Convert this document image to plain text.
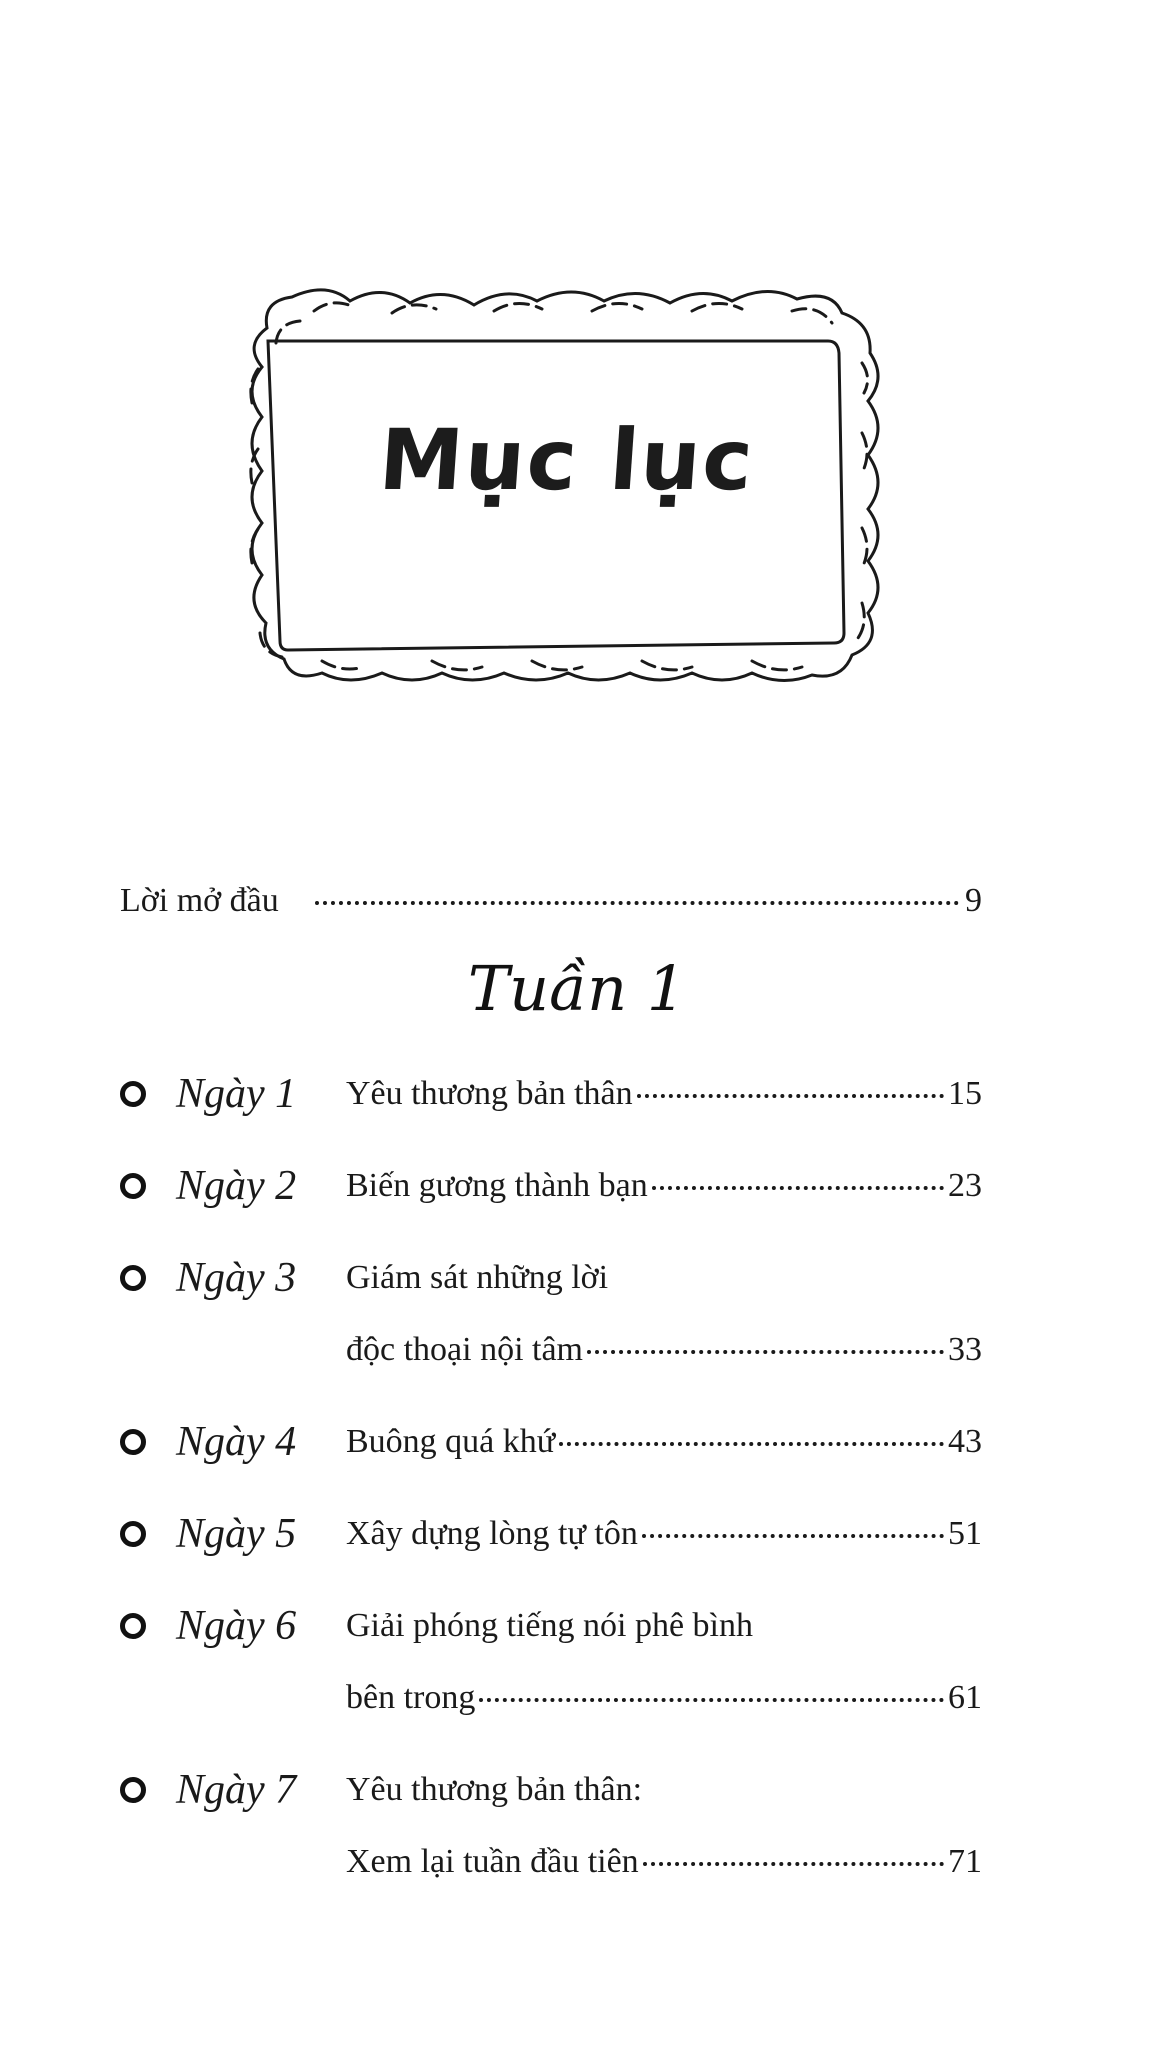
Mục lục
Lời mở đầu	9
Tuần 1
Ngày 1	Yêu thương bản thân	15
Ngày 2	Biến gương thành bạn	23
Ngày 3	Giám sát những lời
độc thoại nội tâm	33
Ngày 4	Buông quá khứ	43
Ngày 5	Xây dựng lòng tự tôn	51
Ngày 6	Giải phóng tiếng nói phê bình
bên trong	61
Ngày 7	Yêu thương bản thân:
Xem lại tuần đầu tiên	71
